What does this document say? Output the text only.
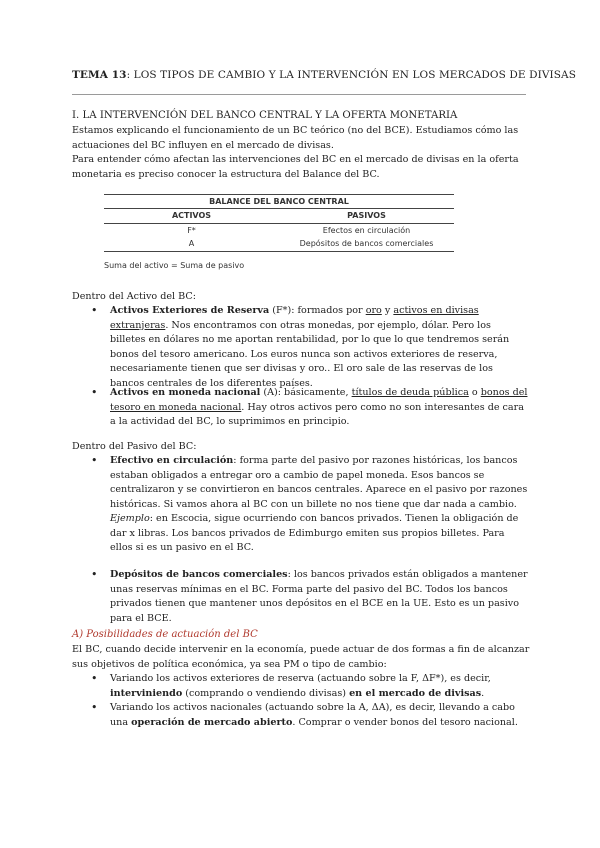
TEMA 13: LOS TIPOS DE CAMBIO Y LA INTERVENCIÓN EN LOS MERCADOS DE DIVISAS
I. LA INTERVENCIÓN DEL BANCO CENTRAL Y LA OFERTA MONETARIA
Estamos explicando el funcionamiento de un BC teórico (no del BCE). Estudiamos cómo las actuaciones del BC influyen en el mercado de divisas.
Para entender cómo afectan las intervenciones del BC en el mercado de divisas en la oferta monetaria es preciso conocer la estructura del Balance del BC.
BALANCE DEL BANCO CENTRAL
ACTIVOS	PASIVOS
F*	Efectos en circulación
A	Depósitos de bancos comerciales
Suma del activo = Suma de pasivo
Dentro del Activo del BC:
• Activos Exteriores de Reserva (F*): formados por oro y activos en divisas extranjeras. Nos encontramos con otras monedas, por ejemplo, dólar. Pero los billetes en dólares no me aportan rentabilidad, por lo que lo que tendremos serán bonos del tesoro americano. Los euros nunca son activos exteriores de reserva, necesariamente tienen que ser divisas y oro.. El oro sale de las reservas de los bancos centrales de los diferentes países.
• Activos en moneda nacional (A): básicamente, títulos de deuda pública o bonos del tesoro en moneda nacional. Hay otros activos pero como no son interesantes de cara a la actividad del BC, lo suprimimos en principio.
Dentro del Pasivo del BC:
• Efectivo en circulación: forma parte del pasivo por razones históricas, los bancos estaban obligados a entregar oro a cambio de papel moneda. Esos bancos se centralizaron y se convirtieron en bancos centrales. Aparece en el pasivo por razones históricas. Si vamos ahora al BC con un billete no nos tiene que dar nada a cambio.
Ejemplo: en Escocia, sigue ocurriendo con bancos privados. Tienen la obligación de dar x libras. Los bancos privados de Edimburgo emiten sus propios billetes. Para ellos si es un pasivo en el BC.
• Depósitos de bancos comerciales: los bancos privados están obligados a mantener unas reservas mínimas en el BC. Forma parte del pasivo del BC. Todos los bancos privados tienen que mantener unos depósitos en el BCE en la UE. Esto es un pasivo para el BCE.
A) Posibilidades de actuación del BC
El BC, cuando decide intervenir en la economía, puede actuar de dos formas a fin de alcanzar sus objetivos de política económica, ya sea PM o tipo de cambio:
• Variando los activos exteriores de reserva (actuando sobre la F, ΔF*), es decir, interviniendo (comprando o vendiendo divisas) en el mercado de divisas.
• Variando los activos nacionales (actuando sobre la A, ΔA), es decir, llevando a cabo una operación de mercado abierto. Comprar o vender bonos del tesoro nacional.
